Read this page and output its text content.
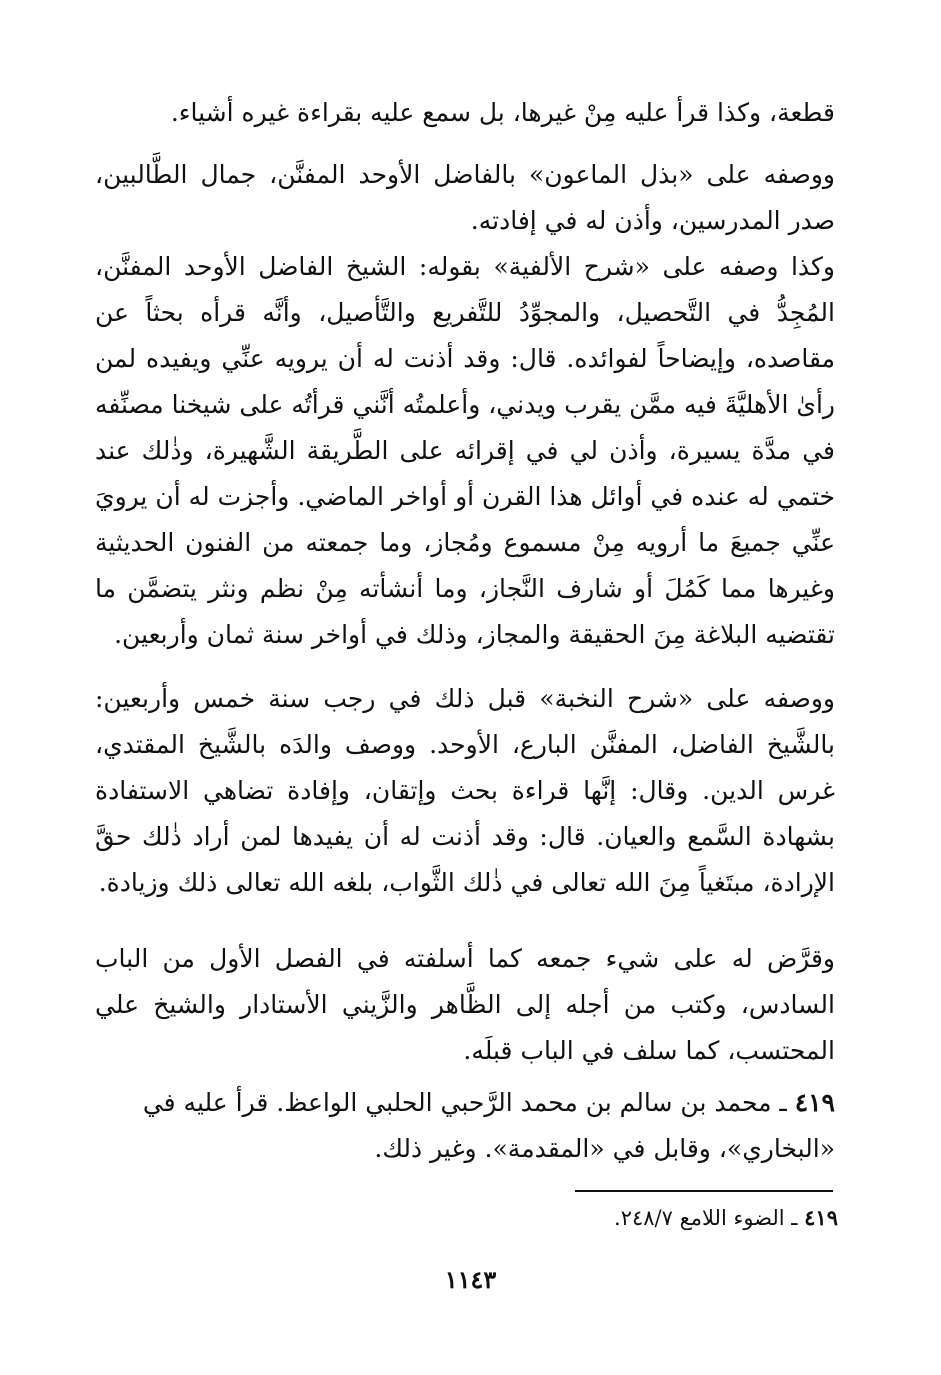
قطعة، وكذا قرأ عليه مِنْ غيرها، بل سمع عليه بقراءة غيره أشياء.

ووصفه على «بذل الماعون» بالفاضل الأوحد المفنَّن، جمال الطَّالبين، صدر المدرسين، وأذن له في إفادته.

وكذا وصفه على «شرح الألفية» بقوله: الشيخ الفاضل الأوحد المفنَّن، المُجِدُّ في التَّحصيل، والمجوِّدُ للتَّفريع والتَّأصيل، وأنَّه قرأه بحثاً عن مقاصده، وإيضاحاً لفوائده. قال: وقد أذنت له أن يرويه عنِّي ويفيده لمن رأىٰ الأهليَّةَ فيه ممَّن يقرب ويدني، وأعلمتُه أنَّني قرأتُه على شيخنا مصنِّفه في مدَّة يسيرة، وأذن لي في إقرائه على الطَّريقة الشَّهيرة، وذٰلك عند ختمي له عنده في أوائل هذا القرن أو أواخر الماضي. وأجزت له أن يرويَ عنِّي جميعَ ما أرويه مِنْ مسموع ومُجاز، وما جمعته من الفنون الحديثية وغيرها مما كَمُلَ أو شارف النَّجاز، وما أنشأته مِنْ نظم ونثر يتضمَّن ما تقتضيه البلاغة مِنَ الحقيقة والمجاز، وذلك في أواخر سنة ثمان وأربعين.

ووصفه على «شرح النخبة» قبل ذلك في رجب سنة خمس وأربعين: بالشَّيخ الفاضل، المفنَّن البارع، الأوحد. ووصف والدَه بالشَّيخ المقتدي، غرس الدين. وقال: إنَّها قراءة بحث وإتقان، وإفادة تضاهي الاستفادة بشهادة السَّمع والعيان. قال: وقد أذنت له أن يفيدها لمن أراد ذٰلك حقَّ الإرادة، مبتَغياً مِنَ الله تعالى في ذٰلك الثَّواب، بلغه الله تعالى ذلك وزيادة.

وقرَّض له على شيء جمعه كما أسلفته في الفصل الأول من الباب السادس، وكتب من أجله إلى الظَّاهر والزَّيني الأستادار والشيخ علي المحتسب، كما سلف في الباب قبلَه.

٤١٩ ـ محمد بن سالم بن محمد الرَّحبي الحلبي الواعظ. قرأ عليه في
«البخاري»، وقابل في «المقدمة». وغير ذلك.
٤١٩ ـ الضوء اللامع ٢٤٨/٧.
١١٤٣
